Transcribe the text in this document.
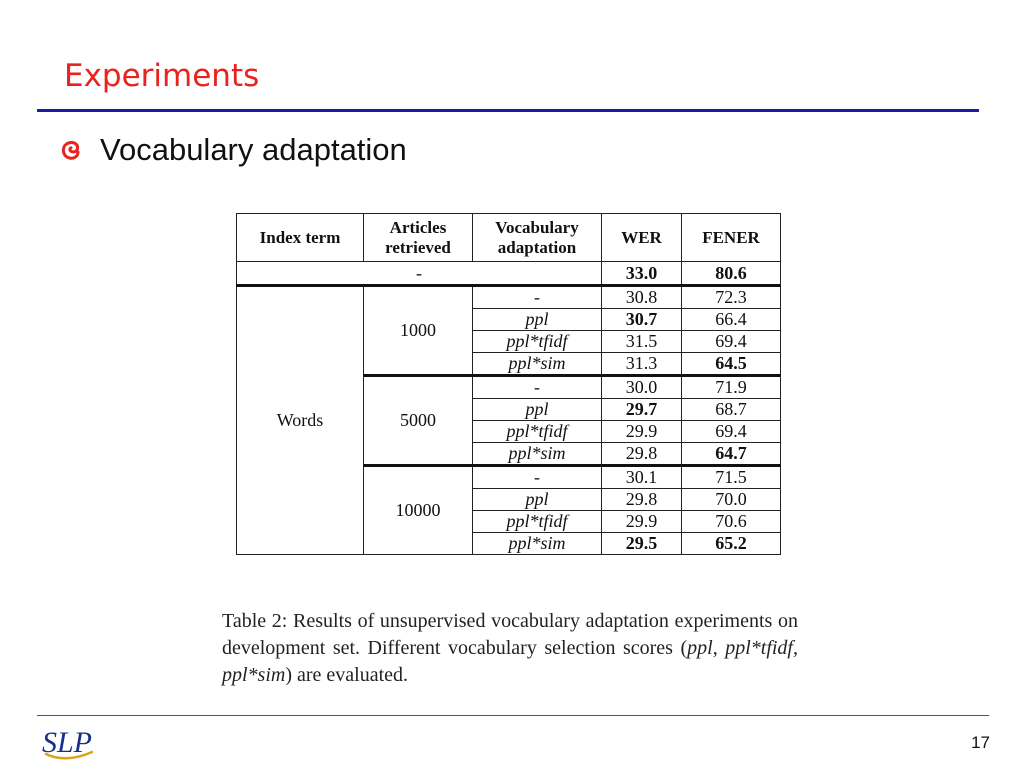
Experiments
Vocabulary adaptation
Index term	Articles retrieved	Vocabulary adaptation	WER	FENER
-			33.0	80.6
Words	1000	-	30.8	72.3
		ppl	30.7	66.4
		ppl*tfidf	31.5	69.4
		ppl*sim	31.3	64.5
	5000	-	30.0	71.9
		ppl	29.7	68.7
		ppl*tfidf	29.9	69.4
		ppl*sim	29.8	64.7
	10000	-	30.1	71.5
		ppl	29.8	70.0
		ppl*tfidf	29.9	70.6
		ppl*sim	29.5	65.2

Table 2: Results of unsupervised vocabulary adaptation experiments on development set. Different vocabulary selection scores (ppl, ppl*tfidf, ppl*sim) are evaluated.

SLP	17
